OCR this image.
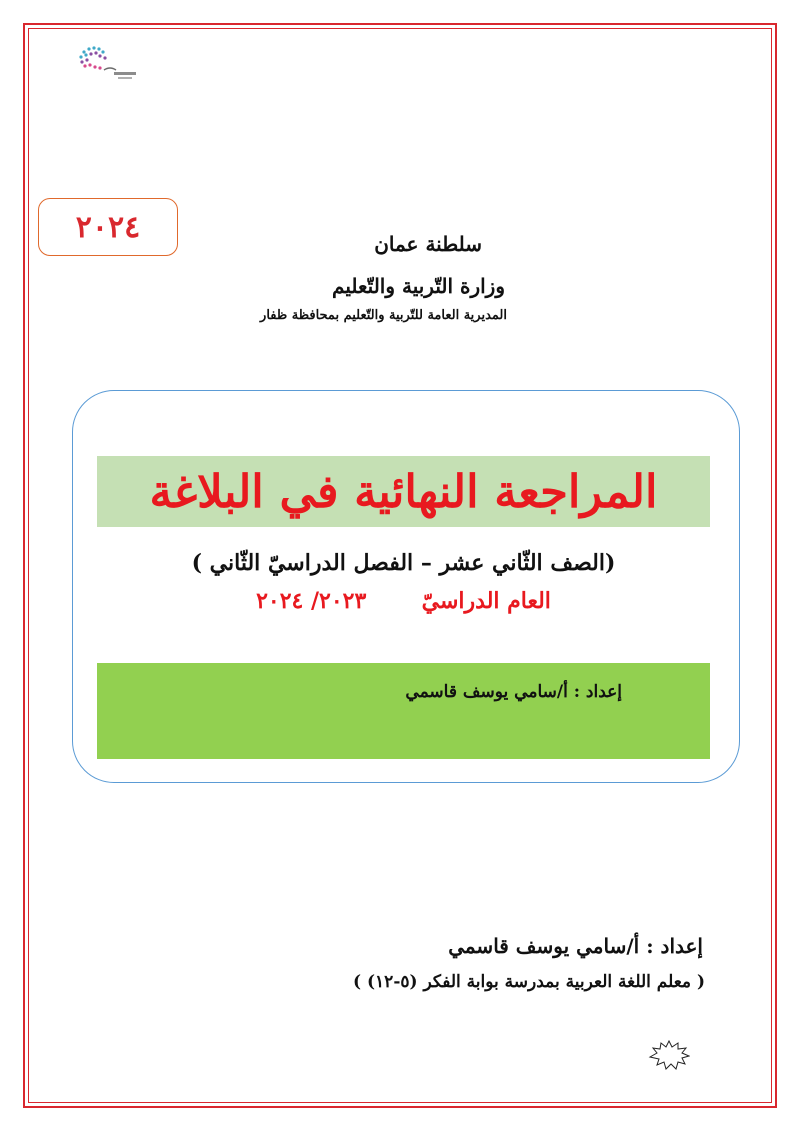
٢٠٢٤	سلطنة عمان
وزارة التّربية والتّعليم
المديرية العامة للتّربية والتّعليم بمحافظة ظفار
المراجعة النهائية في البلاغة
(الصف الثّاني عشر – الفصل الدراسيّ الثّاني )
العام الدراسيّ  ٢٠٢٣/ ٢٠٢٤
إعداد : أ/سامي يوسف قاسمي
إعداد : أ/سامي يوسف قاسمي
( معلم اللغة العربية بمدرسة بوابة الفكر (٥-١٢) )
